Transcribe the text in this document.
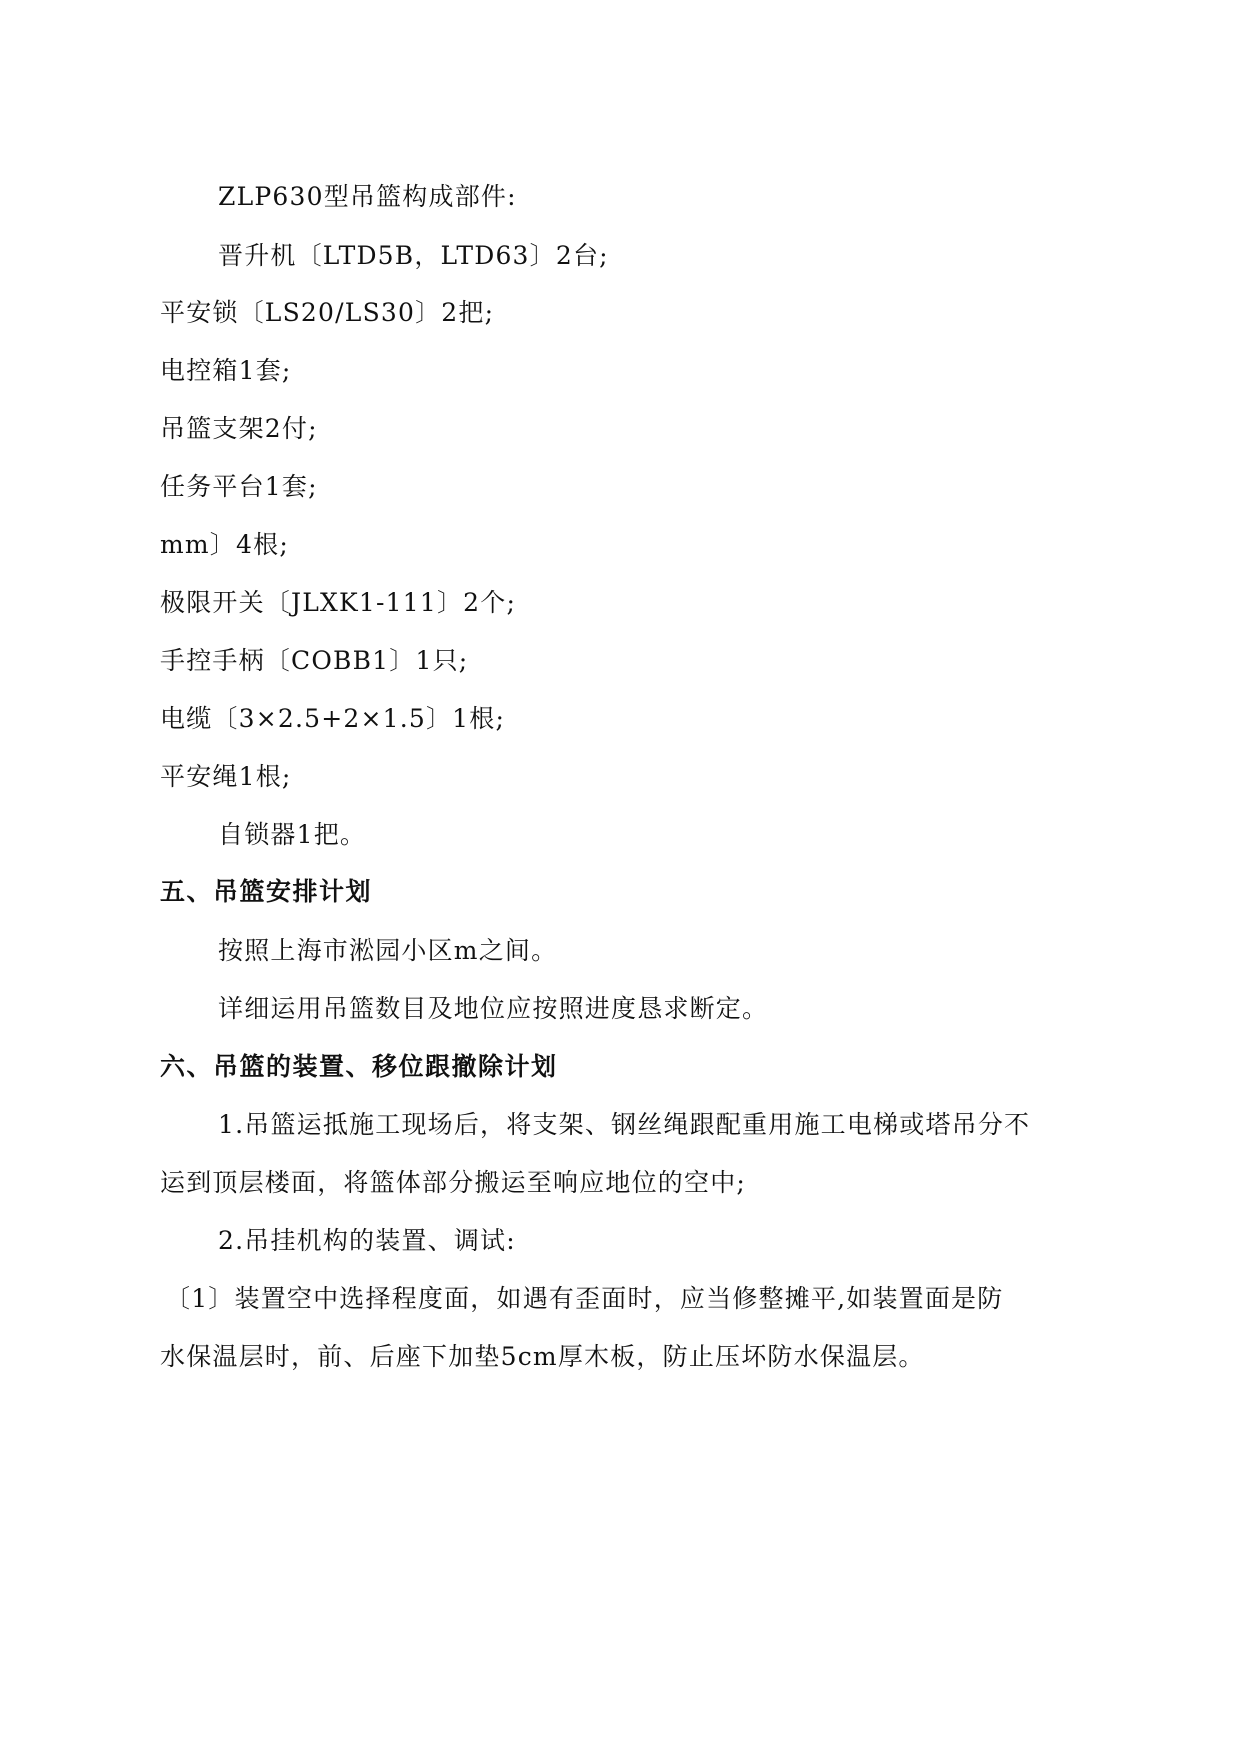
ZLP630型吊篮构成部件:
晋升机〔LTD5B，LTD63〕2台;
平安锁〔LS20/LS30〕2把;
电控箱1套;
吊篮支架2付;
任务平台1套;
mm〕4根;
极限开关〔JLXK1-111〕2个;
手控手柄〔COBB1〕1只;
电缆〔3×2.5+2×1.5〕1根;
平安绳1根;
自锁器1把。
五、吊篮安排计划
按照上海市淞园小区m之间。
详细运用吊篮数目及地位应按照进度恳求断定。
六、吊篮的装置、移位跟撤除计划
1.吊篮运抵施工现场后，将支架、钢丝绳跟配重用施工电梯或塔吊分不
运到顶层楼面，将篮体部分搬运至响应地位的空中;
2.吊挂机构的装置、调试:
〔1〕装置空中选择程度面，如遇有歪面时，应当修整摊平,如装置面是防
水保温层时，前、后座下加垫5cm厚木板，防止压坏防水保温层。
